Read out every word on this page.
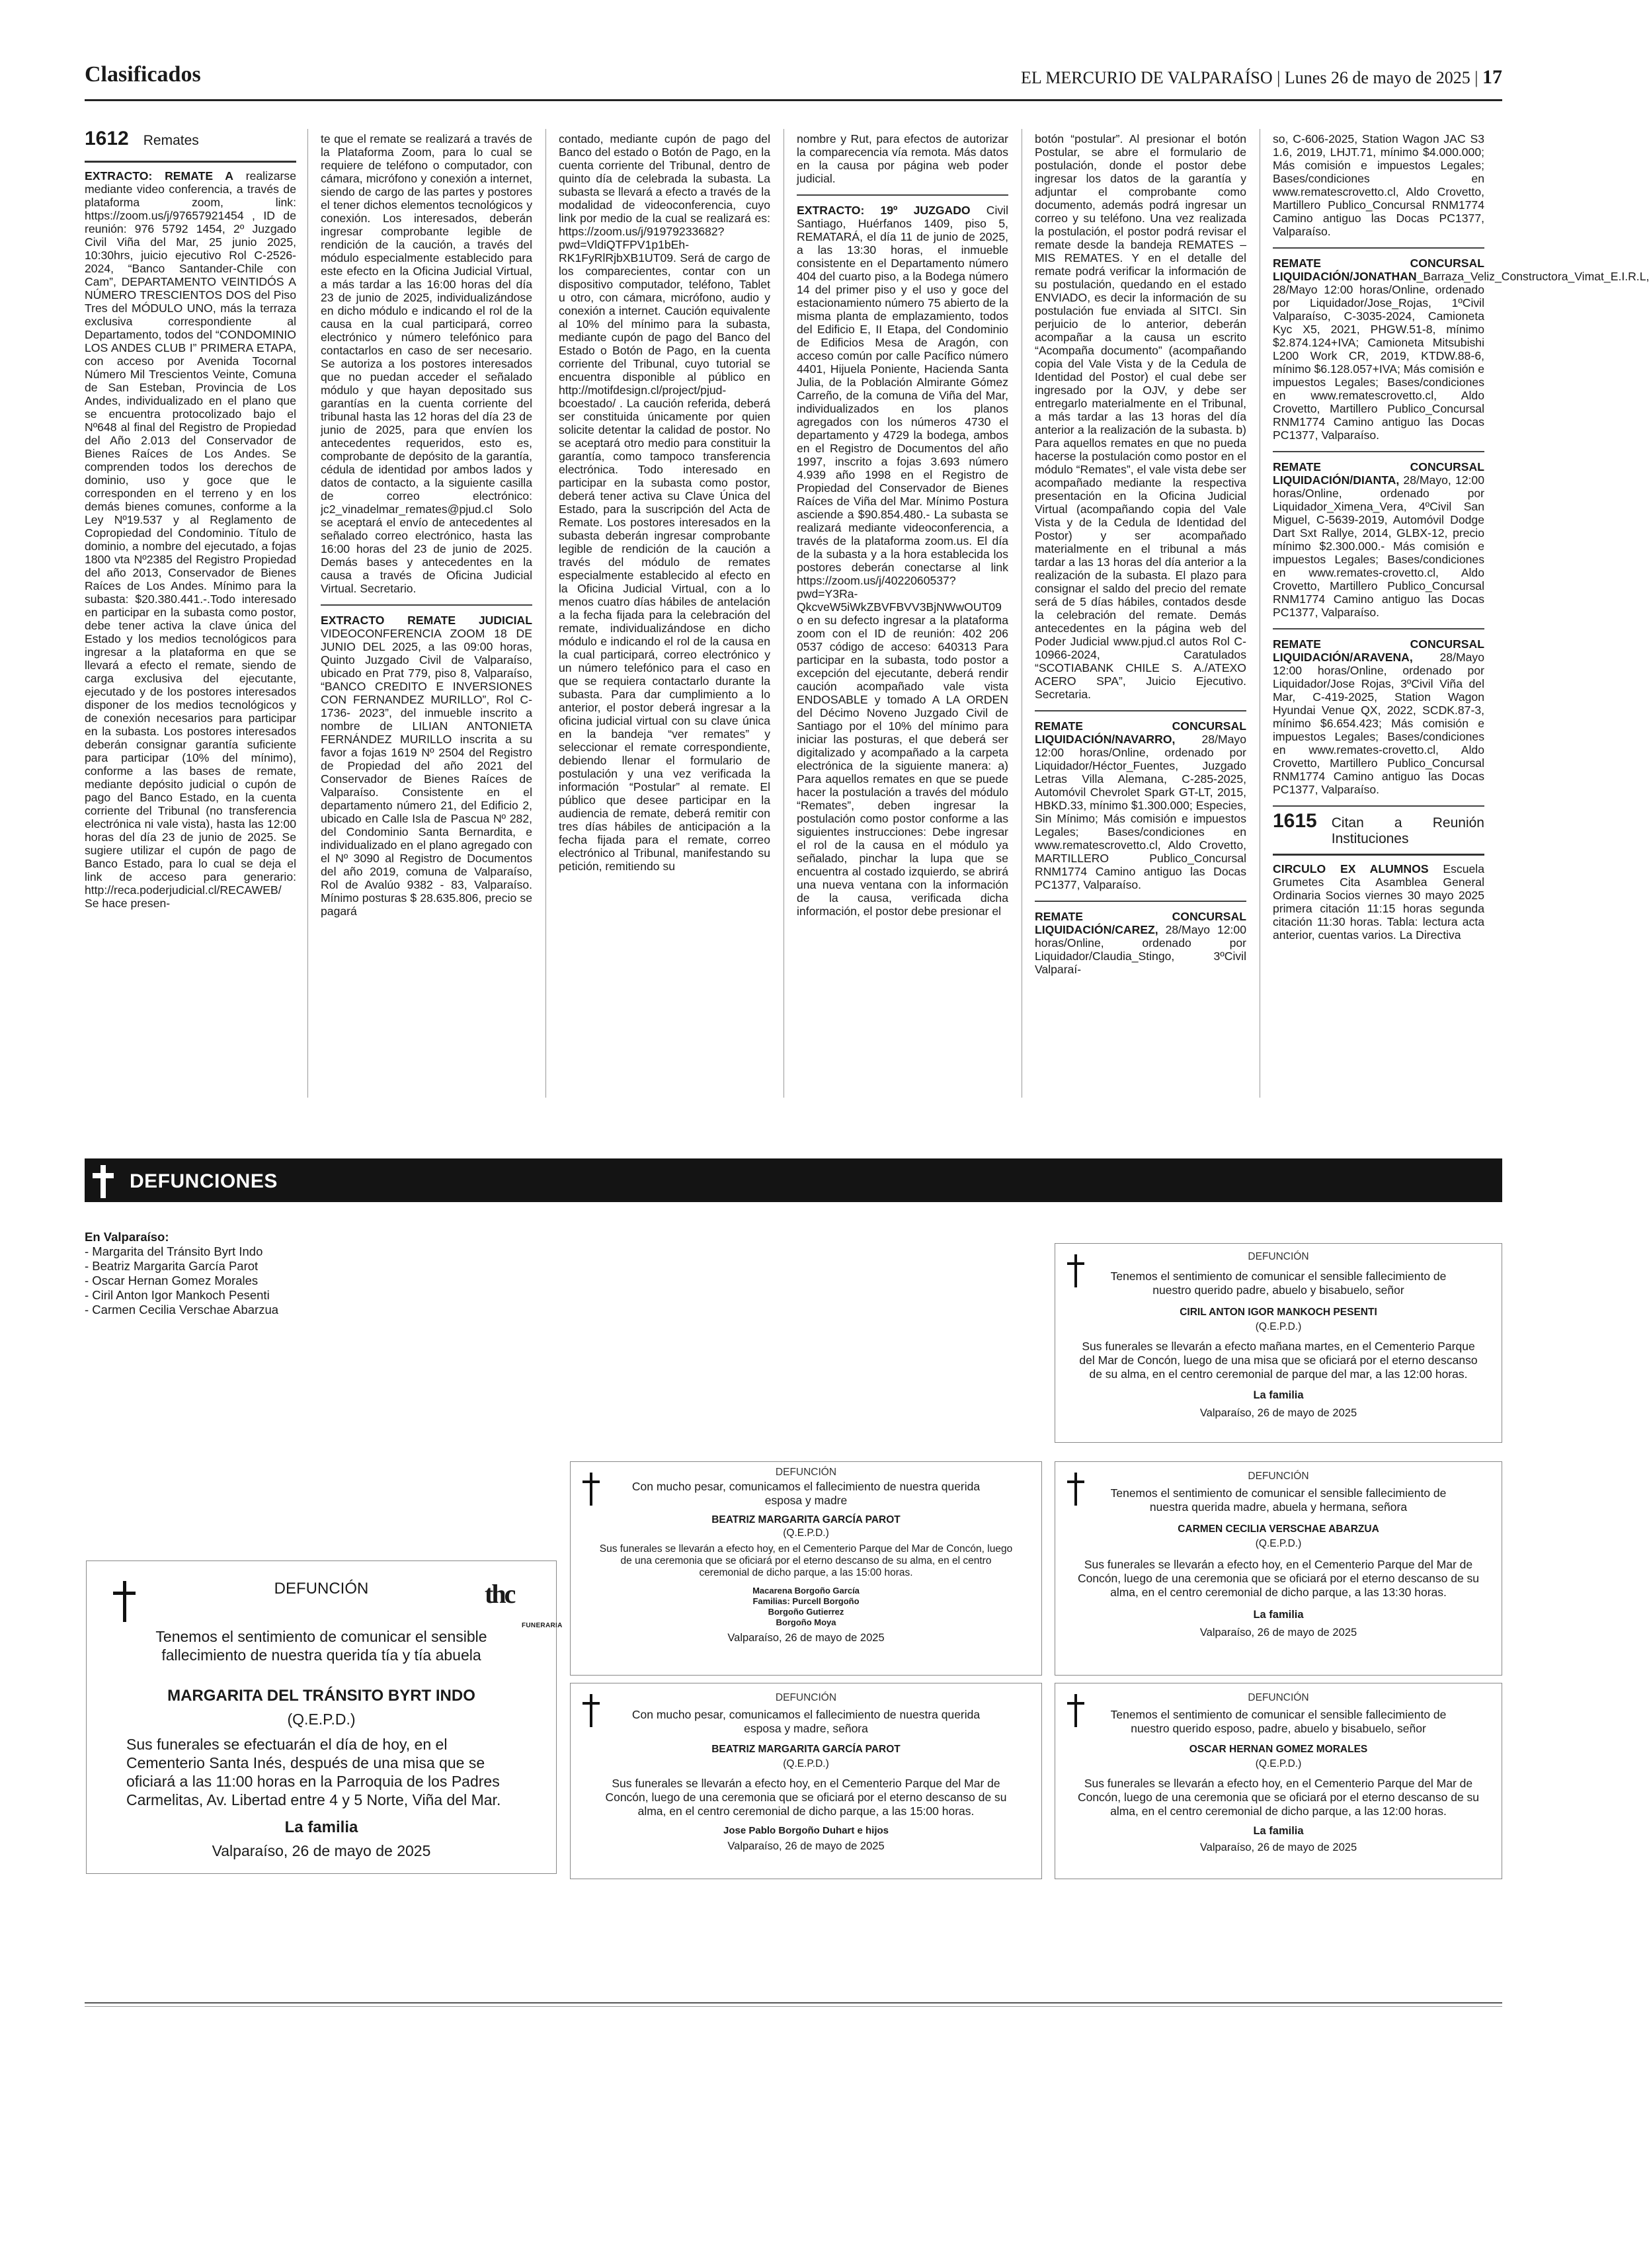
Clasificados	EL MERCURIO DE VALPARAÍSO | Lunes 26 de mayo de 2025 | 17
1612 Remates

EXTRACTO: REMATE A realizarse mediante video conferencia, a través de plataforma zoom, link: https://zoom.us/j/97657921454 , ID de reunión: 976 5792 1454, 2º Juzgado Civil Viña del Mar, 25 junio 2025, 10:30hrs, juicio ejecutivo Rol C-2526-2024, “Banco Santander-Chile con Cam”, DEPARTAMENTO VEINTIDÓS A NÚMERO TRESCIENTOS DOS del Piso Tres del MÓDULO UNO, más la terraza exclusiva correspondiente al Departamento, todos del “CONDOMINIO LOS ANDES CLUB I” PRIMERA ETAPA, con acceso por Avenida Tocornal Número Mil Trescientos Veinte, Comuna de San Esteban, Provincia de Los Andes, individualizado en el plano que se encuentra protocolizado bajo el Nº648 al final del Registro de Propiedad del Año 2.013 del Conservador de Bienes Raíces de Los Andes. Se comprenden todos los derechos de dominio, uso y goce que le corresponden en el terreno y en los demás bienes comunes, conforme a la Ley Nº19.537 y al Reglamento de Copropiedad del Condominio. Título de dominio, a nombre del ejecutado, a fojas 1800 vta Nº2385 del Registro Propiedad del año 2013, Conservador de Bienes Raíces de Los Andes. Mínimo para la subasta: $20.380.441.-.Todo interesado en participar en la subasta como postor, debe tener activa la clave única del Estado y los medios tecnológicos para ingresar a la plataforma en que se llevará a efecto el remate, siendo de carga exclusiva del ejecutante, ejecutado y de los postores interesados disponer de los medios tecnológicos y de conexión necesarios para participar en la subasta. Los postores interesados deberán consignar garantía suficiente para participar (10% del mínimo), conforme a las bases de remate, mediante depósito judicial o cupón de pago del Banco Estado, en la cuenta corriente del Tribunal (no transferencia electrónica ni vale vista), hasta las 12:00 horas del día 23 de junio de 2025. Se sugiere utilizar el cupón de pago de Banco Estado, para lo cual se deja el link de acceso para generario: http://reca.poderjudicial.cl/RECAWEB/ Se hace presen-

te que el remate se realizará a través de la Plataforma Zoom, para lo cual se requiere de teléfono o computador, con cámara, micrófono y conexión a internet, siendo de cargo de las partes y postores el tener dichos elementos tecnológicos y conexión. Los interesados, deberán ingresar comprobante legible de rendición de la caución, a través del módulo especialmente establecido para este efecto en la Oficina Judicial Virtual, a más tardar a las 16:00 horas del día 23 de junio de 2025, individualizándose en dicho módulo e indicando el rol de la causa en la cual participará, correo electrónico y número telefónico para contactarlos en caso de ser necesario. Se autoriza a los postores interesados que no puedan acceder el señalado módulo y que hayan depositado sus garantías en la cuenta corriente del tribunal hasta las 12 horas del día 23 de junio de 2025, para que envíen los antecedentes requeridos, esto es, comprobante de depósito de la garantía, cédula de identidad por ambos lados y datos de contacto, a la siguiente casilla de correo electrónico: jc2_vinadelmar_remates@pjud.cl Solo se aceptará el envío de antecedentes al señalado correo electrónico, hasta las 16:00 horas del 23 de junio de 2025. Demás bases y antecedentes en la causa a través de Oficina Judicial Virtual. Secretario.

EXTRACTO REMATE JUDICIAL VIDEOCONFERENCIA ZOOM 18 DE JUNIO DEL 2025, a las 09:00 horas, Quinto Juzgado Civil de Valparaíso, ubicado en Prat 779, piso 8, Valparaíso, “BANCO CREDITO E INVERSIONES CON FERNANDEZ MURILLO”, Rol C-1736- 2023”, del inmueble inscrito a nombre de LILIAN ANTONIETA FERNÁNDEZ MURILLO inscrita a su favor a fojas 1619 Nº 2504 del Registro de Propiedad del año 2021 del Conservador de Bienes Raíces de Valparaíso. Consistente en el departamento número 21, del Edificio 2, ubicado en Calle Isla de Pascua Nº 282, del Condominio Santa Bernardita, e individualizado en el plano agregado con el Nº 3090 al Registro de Documentos del año 2019, comuna de Valparaíso, Rol de Avalúo 9382 - 83, Valparaíso. Mínimo posturas $ 28.635.806, precio se pagará

contado, mediante cupón de pago del Banco del estado o Botón de Pago, en la cuenta corriente del Tribunal, dentro de quinto día de celebrada la subasta. La subasta se llevará a efecto a través de la modalidad de videoconferencia, cuyo link por medio de la cual se realizará es: https://zoom.us/j/91979233682?pwd=VldiQTFPV1p1bEh-RK1FyRlRjbXB1UT09. Será de cargo de los comparecientes, contar con un dispositivo computador, teléfono, Tablet u otro, con cámara, micrófono, audio y conexión a internet. Caución equivalente al 10% del mínimo para la subasta, mediante cupón de pago del Banco del Estado o Botón de Pago, en la cuenta corriente del Tribunal, cuyo tutorial se encuentra disponible al público en http://motifdesign.cl/project/pjud-bcoestado/ . La caución referida, deberá ser constituida únicamente por quien solicite detentar la calidad de postor. No se aceptará otro medio para constituir la garantía, como tampoco transferencia electrónica. Todo interesado en participar en la subasta como postor, deberá tener activa su Clave Única del Estado, para la suscripción del Acta de Remate. Los postores interesados en la subasta deberán ingresar comprobante legible de rendición de la caución a través del módulo de remates especialmente establecido al efecto en la Oficina Judicial Virtual, con a lo menos cuatro días hábiles de antelación a la fecha fijada para la celebración del remate, individualizándose en dicho módulo e indicando el rol de la causa en la cual participará, correo electrónico y un número telefónico para el caso en que se requiera contactarlo durante la subasta. Para dar cumplimiento a lo anterior, el postor deberá ingresar a la oficina judicial virtual con su clave única en la bandeja “ver remates” y seleccionar el remate correspondiente, debiendo llenar el formulario de postulación y una vez verificada la información “Postular” al remate. El público que desee participar en la audiencia de remate, deberá remitir con tres días hábiles de anticipación a la fecha fijada para el remate, correo electrónico al Tribunal, manifestando su petición, remitiendo su

nombre y Rut, para efectos de autorizar la comparecencia vía remota. Más datos en la causa por página web poder judicial.

EXTRACTO: 19º JUZGADO Civil Santiago, Huérfanos 1409, piso 5, REMATARÁ, el día 11 de junio de 2025, a las 13:30 horas, el inmueble consistente en el Departamento número 404 del cuarto piso, a la Bodega número 14 del primer piso y el uso y goce del estacionamiento número 75 abierto de la misma planta de emplazamiento, todos del Edificio E, II Etapa, del Condominio de Edificios Mesa de Aragón, con acceso común por calle Pacífico número 4401, Hijuela Poniente, Hacienda Santa Julia, de la Población Almirante Gómez Carreño, de la comuna de Viña del Mar, individualizados en los planos agregados con los números 4730 el departamento y 4729 la bodega, ambos en el Registro de Documentos del año 1997, inscrito a fojas 3.693 número 4.939 año 1998 en el Registro de Propiedad del Conservador de Bienes Raíces de Viña del Mar. Mínimo Postura asciende a $90.854.480.- La subasta se realizará mediante videoconferencia, a través de la plataforma zoom.us. El día de la subasta y a la hora establecida los postores deberán conectarse al link https://zoom.us/j/4022060537?pwd=Y3Ra-QkcveW5iWkZBVFBVV3BjNWwOUT09 o en su defecto ingresar a la plataforma zoom con el ID de reunión: 402 206 0537 código de acceso: 640313 Para participar en la subasta, todo postor a excepción del ejecutante, deberá rendir caución acompañado vale vista ENDOSABLE y tomado A LA ORDEN del Décimo Noveno Juzgado Civil de Santiago por el 10% del mínimo para iniciar las posturas, el que deberá ser digitalizado y acompañado a la carpeta electrónica de la siguiente manera: a) Para aquellos remates en que se puede hacer la postulación a través del módulo “Remates”, deben ingresar la postulación como postor conforme a las siguientes instrucciones: Debe ingresar el rol de la causa en el módulo ya señalado, pinchar la lupa que se encuentra al costado izquierdo, se abrirá una nueva ventana con la información de la causa, verificada dicha información, el postor debe presionar el

botón “postular”. Al presionar el botón Postular, se abre el formulario de postulación, donde el postor debe ingresar los datos de la garantía y adjuntar el comprobante como documento, además podrá ingresar un correo y su teléfono. Una vez realizada la postulación, el postor podrá revisar el remate desde la bandeja REMATES – MIS REMATES. Y en el detalle del remate podrá verificar la información de su postulación, quedando en el estado ENVIADO, es decir la información de su postulación fue enviada al SITCI. Sin perjuicio de lo anterior, deberán acompañar a la causa un escrito “Acompaña documento” (acompañando copia del Vale Vista y de la Cedula de Identidad del Postor) el cual debe ser ingresado por la OJV, y debe ser entregarlo materialmente en el Tribunal, a más tardar a las 13 horas del día anterior a la realización de la subasta. b) Para aquellos remates en que no pueda hacerse la postulación como postor en el módulo “Remates”, el vale vista debe ser acompañado mediante la respectiva presentación en la Oficina Judicial Virtual (acompañando copia del Vale Vista y de la Cedula de Identidad del Postor) y ser acompañado materialmente en el tribunal a más tardar a las 13 horas del día anterior a la realización de la subasta. El plazo para consignar el saldo del precio del remate será de 5 días hábiles, contados desde la celebración del remate. Demás antecedentes en la página web del Poder Judicial www.pjud.cl autos Rol C-10966-2024, Caratulados “SCOTIABANK CHILE S. A./ATEXO ACERO SPA”, Juicio Ejecutivo. Secretaria.

REMATE CONCURSAL LIQUIDACIÓN/NAVARRO, 28/Mayo 12:00 horas/Online, ordenado por Liquidador/Héctor_Fuentes, Juzgado Letras Villa Alemana, C-285-2025, Automóvil Chevrolet Spark GT-LT, 2015, HBKD.33, mínimo $1.300.000; Especies, Sin Mínimo; Más comisión e impuestos Legales; Bases/condiciones en www.rematescrovetto.cl, Aldo Crovetto, MARTILLERO Publico_Concursal RNM1774 Camino antiguo las Docas PC1377, Valparaíso.

REMATE CONCURSAL LIQUIDACIÓN/CAREZ, 28/Mayo 12:00 horas/Online, ordenado por Liquidador/Claudia_Stingo, 3ºCivil Valparaí-

so, C-606-2025, Station Wagon JAC S3 1.6, 2019, LHJT.71, mínimo $4.000.000; Más comisión e impuestos Legales; Bases/condiciones en www.rematescrovetto.cl, Aldo Crovetto, Martillero Publico_Concursal RNM1774 Camino antiguo las Docas PC1377, Valparaíso.

REMATE CONCURSAL LIQUIDACIÓN/JONATHAN_Barraza_Veliz_Constructora_Vimat_E.I.R.L, 28/Mayo 12:00 horas/Online, ordenado por Liquidador/Jose_Rojas, 1ºCivil Valparaíso, C-3035-2024, Camioneta Kyc X5, 2021, PHGW.51-8, mínimo $2.874.124+IVA; Camioneta Mitsubishi L200 Work CR, 2019, KTDW.88-6, mínimo $6.128.057+IVA; Más comisión e impuestos Legales; Bases/condiciones en www.rematescrovetto.cl, Aldo Crovetto, Martillero Publico_Concursal RNM1774 Camino antiguo las Docas PC1377, Valparaíso.

REMATE CONCURSAL LIQUIDACIÓN/DIANTA, 28/Mayo, 12:00 horas/Online, ordenado por Liquidador_Ximena_Vera, 4ºCivil San Miguel, C-5639-2019, Automóvil Dodge Dart Sxt Rallye, 2014, GLBX-12, precio mínimo $2.300.000.- Más comisión e impuestos Legales; Bases/condiciones en www.remates-crovetto.cl, Aldo Crovetto, Martillero Publico_Concursal RNM1774 Camino antiguo las Docas PC1377, Valparaíso.

REMATE CONCURSAL LIQUIDACIÓN/ARAVENA, 28/Mayo 12:00 horas/Online, ordenado por Liquidador/Jose Rojas, 3ºCivil Viña del Mar, C-419-2025, Station Wagon Hyundai Venue QX, 2022, SCDK.87-3, mínimo $6.654.423; Más comisión e impuestos Legales; Bases/condiciones en www.remates-crovetto.cl, Aldo Crovetto, Martillero Publico_Concursal RNM1774 Camino antiguo las Docas PC1377, Valparaíso.

1615 Citan a Reunión Instituciones

CIRCULO EX ALUMNOS Escuela Grumetes Cita Asamblea General Ordinaria Socios viernes 30 mayo 2025 primera citación 11:15 horas segunda citación 11:30 horas. Tabla: lectura acta anterior, cuentas varios. La Directiva

DEFUNCIONES
En Valparaíso:
- Margarita del Tránsito Byrt Indo
- Beatriz Margarita García Parot
- Oscar Hernan Gomez Morales
- Ciril Anton Igor Mankoch Pesenti
- Carmen Cecilia Verschae Abarzua
thc
FUNERARIA
DEFUNCIÓN
Tenemos el sentimiento de comunicar el sensible fallecimiento de nuestra querida tía y tía abuela
MARGARITA DEL TRÁNSITO BYRT INDO
(Q.E.P.D.)
Sus funerales se efectuarán el día de hoy, en el Cementerio Santa Inés, después de una misa que se oficiará a las 11:00 horas en la Parroquia de los Padres Carmelitas, Av. Libertad entre 4 y 5 Norte, Viña del Mar.
La familia
Valparaíso, 26 de mayo de 2025
DEFUNCIÓN
Tenemos el sentimiento de comunicar el sensible fallecimiento de nuestro querido padre, abuelo y bisabuelo, señor
CIRIL ANTON IGOR MANKOCH PESENTI
(Q.E.P.D.)
Sus funerales se llevarán a efecto mañana martes, en el Cementerio Parque del Mar de Concón, luego de una misa que se oficiará por el eterno descanso de su alma, en el centro ceremonial de parque del mar, a las 12:00 horas.
La familia
Valparaíso, 26 de mayo de 2025
DEFUNCIÓN
Con mucho pesar, comunicamos el fallecimiento de nuestra querida esposa y madre
BEATRIZ MARGARITA GARCÍA PAROT
(Q.E.P.D.)
Sus funerales se llevarán a efecto hoy, en el Cementerio Parque del Mar de Concón, luego de una ceremonia que se oficiará por el eterno descanso de su alma, en el centro ceremonial de dicho parque, a las 15:00 horas.
Macarena Borgoño García
Familias: Purcell Borgoño
Borgoño Gutierrez
Borgoño Moya
Valparaíso, 26 de mayo de 2025
DEFUNCIÓN
Tenemos el sentimiento de comunicar el sensible fallecimiento de nuestra querida madre, abuela y hermana, señora
CARMEN CECILIA VERSCHAE ABARZUA
(Q.E.P.D.)
Sus funerales se llevarán a efecto hoy, en el Cementerio Parque del Mar de Concón, luego de una ceremonia que se oficiará por el eterno descanso de su alma, en el centro ceremonial de dicho parque, a las 13:30 horas.
La familia
Valparaíso, 26 de mayo de 2025
DEFUNCIÓN
Con mucho pesar, comunicamos el fallecimiento de nuestra querida esposa y madre, señora
BEATRIZ MARGARITA GARCÍA PAROT
(Q.E.P.D.)
Sus funerales se llevarán a efecto hoy, en el Cementerio Parque del Mar de Concón, luego de una ceremonia que se oficiará por el eterno descanso de su alma, en el centro ceremonial de dicho parque, a las 15:00 horas.
Jose Pablo Borgoño Duhart e hijos
Valparaíso, 26 de mayo de 2025
DEFUNCIÓN
Tenemos el sentimiento de comunicar el sensible fallecimiento de nuestro querido esposo, padre, abuelo y bisabuelo, señor
OSCAR HERNAN GOMEZ MORALES
(Q.E.P.D.)
Sus funerales se llevarán a efecto hoy, en el Cementerio Parque del Mar de Concón, luego de una ceremonia que se oficiará por el eterno descanso de su alma, en el centro ceremonial de dicho parque, a las 12:00 horas.
La familia
Valparaíso, 26 de mayo de 2025
